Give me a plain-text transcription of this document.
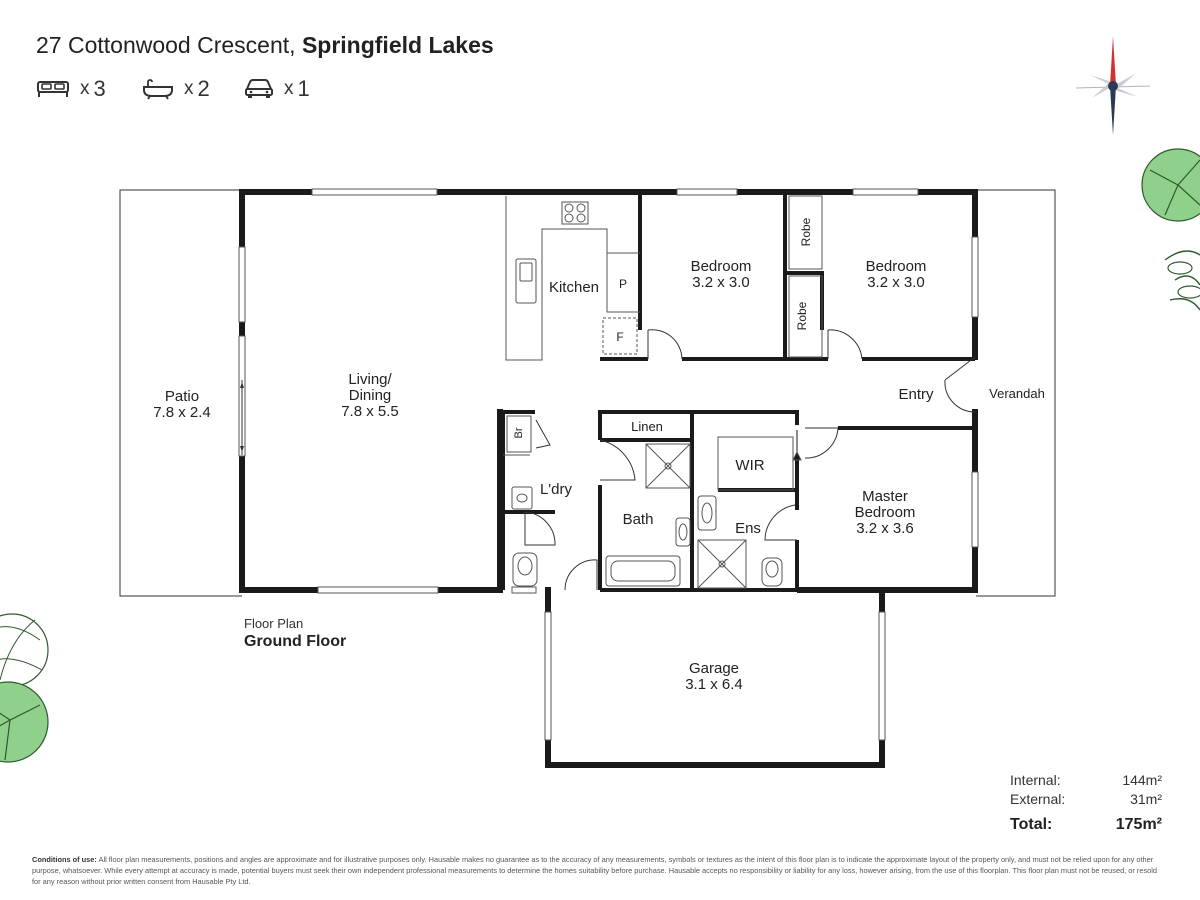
27 Cottonwood Crescent, Springfield Lakes
x 3	x 2	x 1
Patio
7.8 x 2.4
Living/
Dining
7.8 x 5.5
Kitchen P
F
Bedroom
3.2 x 3.0
Bedroom
3.2 x 3.0
Entry	Verandah
Linen
WIR
L'dry
Bath
Ens
Master
Bedroom
3.2 x 3.6
Garage
3.1 x 6.4
Robe
Robe
Br
Floor Plan
Ground Floor
Internal:	144m²
External:	31m²
Total:	175m²
Conditions of use: All floor plan measurements, positions and angles are approximate and for illustrative purposes only. Hausable makes no guarantee as to the accuracy of any measurements, symbols or textures as the intent of this floor plan is to indicate the approximate layout of the property only, and must not be relied upon for any other purpose, whatsoever. While every attempt at accuracy is made, potential buyers must seek their own independent professional measurements to determine the homes suitability before purchase. Hausable accepts no responsibility or liability for any loss, however arising, from the use of this floorplan. This floor plan must not be reused, or resold for any reason without prior written consent from Hausable Pty Ltd.
